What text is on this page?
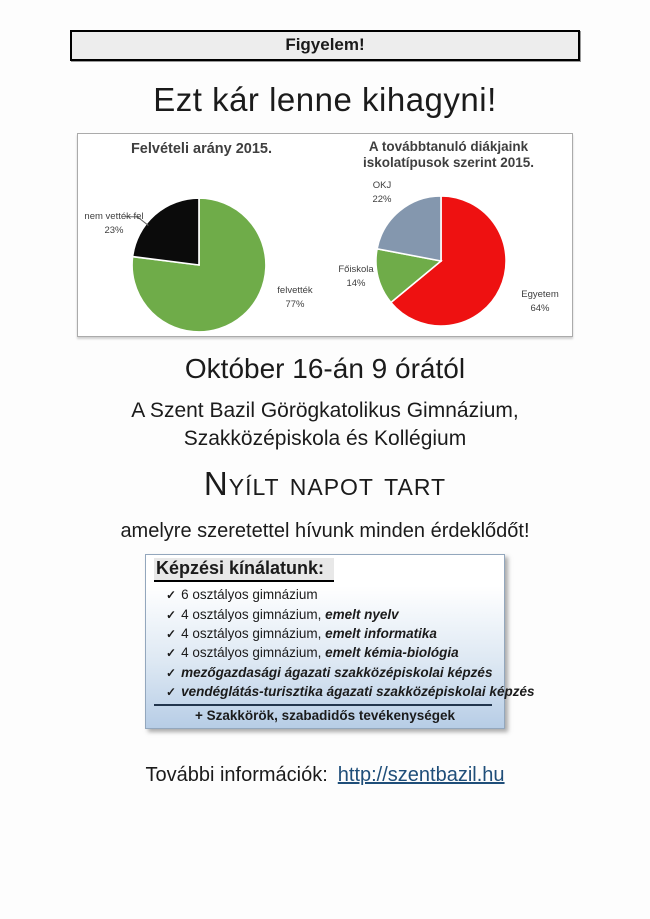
Figyelem!
Ezt kár lenne kihagyni!
Felvételi arány 2015.
nem vették fel
23%
felvették
77%
A továbbtanuló diákjaink iskolatípusok szerint 2015.
OKJ
22%
Főiskola
14%
Egyetem
64%
Október 16-án 9 órától
A Szent Bazil Görögkatolikus Gimnázium,
Szakközépiskola és Kollégium
Nyílt napot tart
amelyre szeretettel hívunk minden érdeklődőt!
Képzési kínálatunk:
✓ 6 osztályos gimnázium
✓ 4 osztályos gimnázium, emelt nyelv
✓ 4 osztályos gimnázium, emelt informatika
✓ 4 osztályos gimnázium, emelt kémia-biológia
✓ mezőgazdasági ágazati szakközépiskolai képzés
✓ vendéglátás-turisztika ágazati szakközépiskolai képzés
+ Szakkörök, szabadidős tevékenységek
További információk: http://szentbazil.hu
